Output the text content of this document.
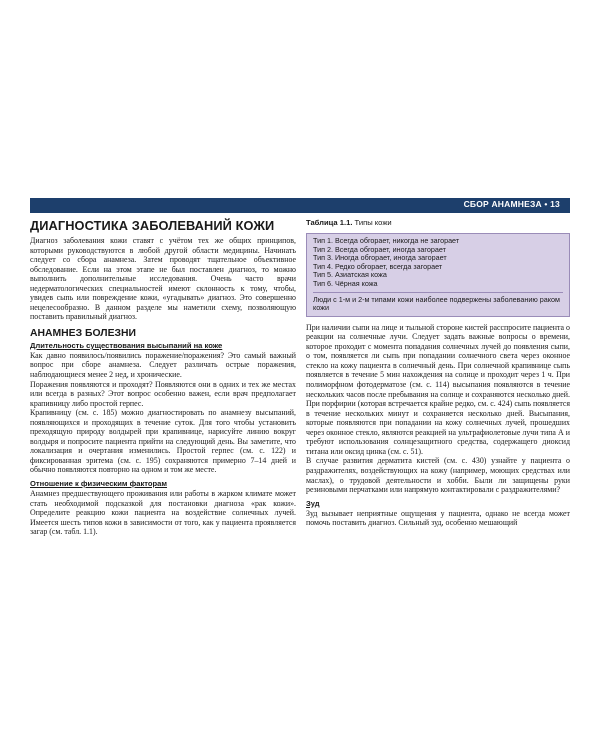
СБОР АНАМНЕЗА • 13
ДИАГНОСТИКА ЗАБОЛЕВАНИЙ КОЖИ

Диагноз заболевания кожи ставят с учётом тех же общих принципов, которыми руководствуются в любой другой области медицины. Начинать следует со сбора анамнеза. Затем проводят тщательное объективное обследование. Если на этом этапе не был поставлен диагноз, то можно выполнить дополнительные исследования. Очень часто врачи недерматологических специальностей имеют склонность к тому, чтобы, увидев сыпь или повреждение кожи, «угадывать» диагноз. Это совершенно нецелесообразно. В данном разделе мы наметили схему, позволяющую поставить правильный диагноз.

АНАМНЕЗ БОЛЕЗНИ
Длительность существования высыпаний на коже

Как давно появилось/появились поражение/поражения? Это самый важный вопрос при сборе анамнеза. Следует различать острые поражения, наблюдающиеся менее 2 нед, и хронические.

Поражения появляются и проходят? Появляются они в одних и тех же местах или всегда в разных? Этот вопрос особенно важен, если врач предполагает крапивницу либо простой герпес.

Крапивницу (см. с. 185) можно диагностировать по анамнезу высыпаний, появляющихся и проходящих в течение суток. Для того чтобы установить преходящую природу волдырей при крапивнице, нарисуйте линию вокруг волдыря и попросите пациента прийти на следующий день. Вы заметите, что локализация и очертания изменились. Простой герпес (см. с. 122) и фиксированная эритема (см. с. 195) сохраняются примерно 7–14 дней и обычно появляются повторно на одном и том же месте.

Отношение к физическим факторам

Анамнез предшествующего проживания или работы в жарком климате может стать необходимой подсказкой для постановки диагноза «рак кожи». Определите реакцию кожи пациента на воздействие солнечных лучей. Имеется шесть типов кожи в зависимости от того, как у пациента проявляется загар (см. табл. 1.1).

Таблица 1.1. Типы кожи
Тип 1. Всегда обгорает, никогда не загорает
Тип 2. Всегда обгорает, иногда загорает
Тип 3. Иногда обгорает, иногда загорает
Тип 4. Редко обгорает, всегда загорает
Тип 5. Азиатская кожа
Тип 6. Чёрная кожа
Люди с 1-м и 2-м типами кожи наиболее подвержены заболеванию раком кожи

При наличии сыпи на лице и тыльной стороне кистей расспросите пациента о реакции на солнечные лучи. Следует задать важные вопросы о времени, которое проходит с момента попадания солнечных лучей до появления сыпи, о том, появляется ли сыпь при попадании солнечного света через оконное стекло на кожу пациента в солнечный день. При солнечной крапивнице сыпь появляется в течение 5 мин нахождения на солнце и проходит через 1 ч. При полиморфном фотодерматозе (см. с. 114) высыпания появляются в течение нескольких часов после пребывания на солнце и сохраняются несколько дней. При порфирии (которая встречается крайне редко, см. с. 424) сыпь появляется в течение нескольких минут и сохраняется несколько дней. Высыпания, которые появляются при попадании на кожу солнечных лучей, прошедших через оконное стекло, являются реакцией на ультрафиолетовые лучи типа А и требуют использования солнцезащитного средства, содержащего диоксид титана или оксид цинка (см. с. 51).

В случае развития дерматита кистей (см. с. 430) узнайте у пациента о раздражителях, воздействующих на кожу (например, моющих средствах или маслах), о трудовой деятельности и хобби. Были ли защищены руки резиновыми перчатками или напрямую контактировали с раздражителями?

Зуд

Зуд вызывает неприятные ощущения у пациента, однако не всегда может помочь поставить диагноз. Сильный зуд, особенно мешающий
